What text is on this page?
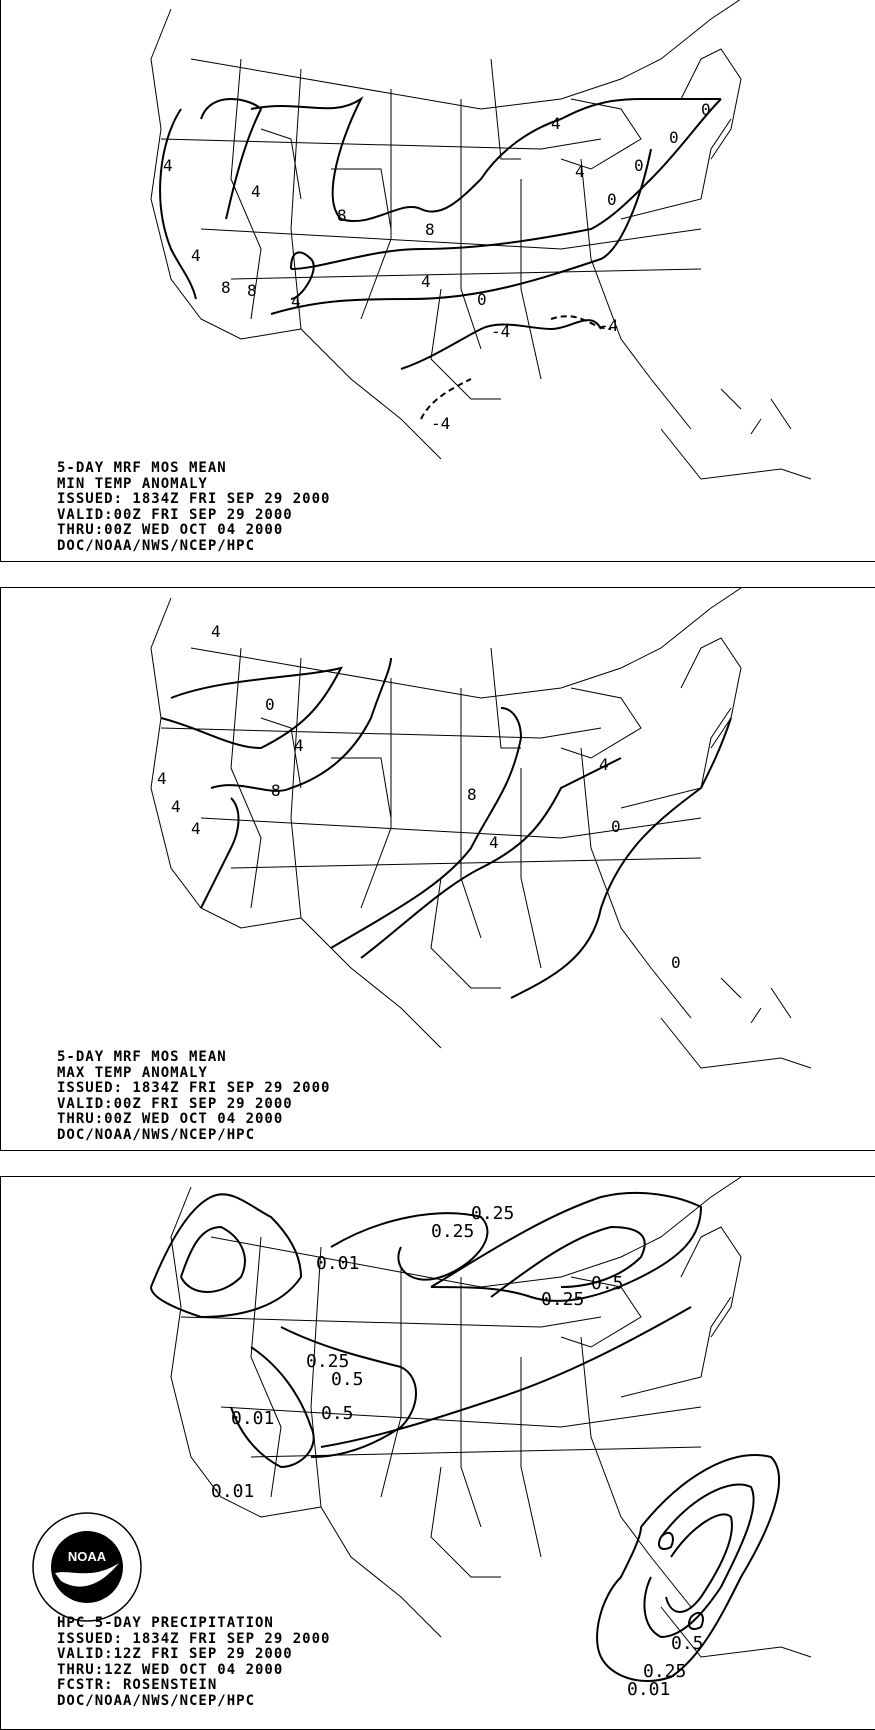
4
4
4
8 8
4
8
8
4
4
0
0
0
0
4
0
-4	-4
-4
5-DAY MRF MOS MEAN
MIN TEMP ANOMALY
ISSUED: 1834Z FRI SEP 29 2000
VALID:00Z FRI SEP 29 2000
THRU:00Z WED OCT 04 2000
DOC/NOAA/NWS/NCEP/HPC
4
0
4
8
4
4
4
8
4
4
0
0
5-DAY MRF MOS MEAN
MAX TEMP ANOMALY
ISSUED: 1834Z FRI SEP 29 2000
VALID:00Z FRI SEP 29 2000
THRU:00Z WED OCT 04 2000
DOC/NOAA/NWS/NCEP/HPC
0.25
0.25
0.01
0.5
0.25
0.25
0.5
0.01	0.5
0.01
0.5
0.25
0.01
NOAA
HPC 5-DAY PRECIPITATION
ISSUED: 1834Z FRI SEP 29 2000
VALID:12Z FRI SEP 29 2000
THRU:12Z WED OCT 04 2000
FCSTR: ROSENSTEIN
DOC/NOAA/NWS/NCEP/HPC
